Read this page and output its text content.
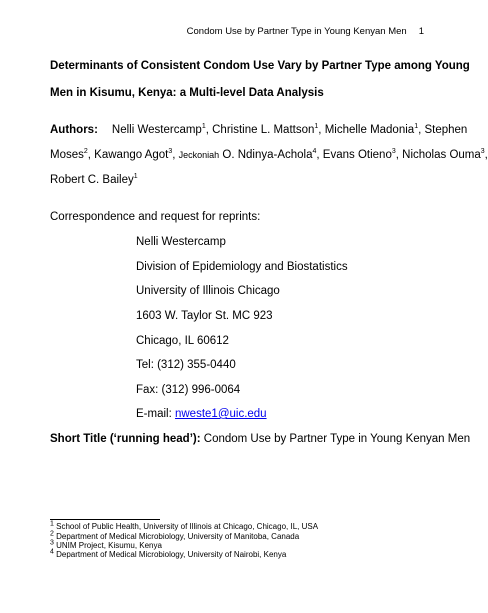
Condom Use by Partner Type in Young Kenyan Men 1
Determinants of Consistent Condom Use Vary by Partner Type among Young
Men in Kisumu, Kenya: a Multi-level Data Analysis
Authors: Nelli Westercamp$^1$, Christine L. Mattson$^1$, Michelle Madonia$^1$, Stephen
Moses$^2$, Kawango Agot$^3$, Jeckoniah O. Ndinya-Achola$^4$, Evans Otieno$^3$, Nicholas Ouma$^3$,
Robert C. Bailey$^1$
Correspondence and request for reprints:
Nelli Westercamp
Division of Epidemiology and Biostatistics
University of Illinois Chicago
1603 W. Taylor St. MC 923
Chicago, IL 60612
Tel: (312) 355-0440
Fax: (312) 996-0064
E-mail: nweste1@uic.edu
Short Title (‘running head’): Condom Use by Partner Type in Young Kenyan Men
$^1$ School of Public Health, University of Illinois at Chicago, Chicago, IL, USA
$^2$ Department of Medical Microbiology, University of Manitoba, Canada
$^3$ UNIM Project, Kisumu, Kenya
$^4$ Department of Medical Microbiology, University of Nairobi, Kenya
